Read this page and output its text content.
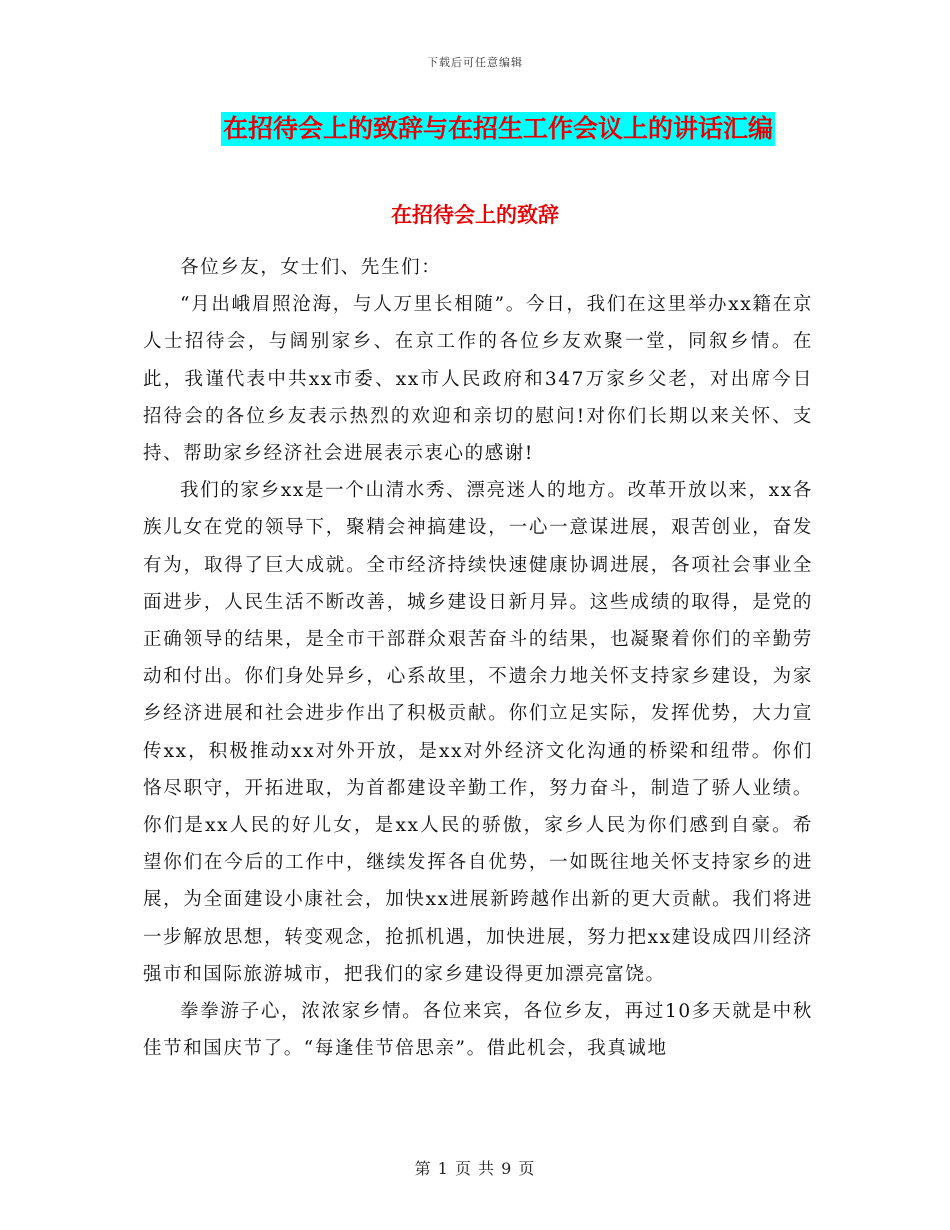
下载后可任意编辑
在招待会上的致辞与在招生工作会议上的讲话汇编
在招待会上的致辞

各位乡友，女士们、先生们：

“月出峨眉照沧海，与人万里长相随”。今日，我们在这里举办xx籍在京人士招待会，与阔别家乡、在京工作的各位乡友欢聚一堂，同叙乡情。在此，我谨代表中共xx市委、xx市人民政府和347万家乡父老，对出席今日招待会的各位乡友表示热烈的欢迎和亲切的慰问!对你们长期以来关怀、支持、帮助家乡经济社会进展表示衷心的感谢!

我们的家乡xx是一个山清水秀、漂亮迷人的地方。改革开放以来，xx各族儿女在党的领导下，聚精会神搞建设，一心一意谋进展，艰苦创业，奋发有为，取得了巨大成就。全市经济持续快速健康协调进展，各项社会事业全面进步，人民生活不断改善，城乡建设日新月异。这些成绩的取得，是党的正确领导的结果，是全市干部群众艰苦奋斗的结果，也凝聚着你们的辛勤劳动和付出。你们身处异乡，心系故里，不遗余力地关怀支持家乡建设，为家乡经济进展和社会进步作出了积极贡献。你们立足实际，发挥优势，大力宣传xx，积极推动xx对外开放，是xx对外经济文化沟通的桥梁和纽带。你们恪尽职守，开拓进取，为首都建设辛勤工作，努力奋斗，制造了骄人业绩。你们是xx人民的好儿女，是xx人民的骄傲，家乡人民为你们感到自豪。希望你们在今后的工作中，继续发挥各自优势，一如既往地关怀支持家乡的进展，为全面建设小康社会，加快xx进展新跨越作出新的更大贡献。我们将进一步解放思想，转变观念，抢抓机遇，加快进展，努力把xx建设成四川经济强市和国际旅游城市，把我们的家乡建设得更加漂亮富饶。

拳拳游子心，浓浓家乡情。各位来宾，各位乡友，再过10多天就是中秋佳节和国庆节了。“每逢佳节倍思亲”。借此机会，我真诚地

第 1 页 共 9 页
